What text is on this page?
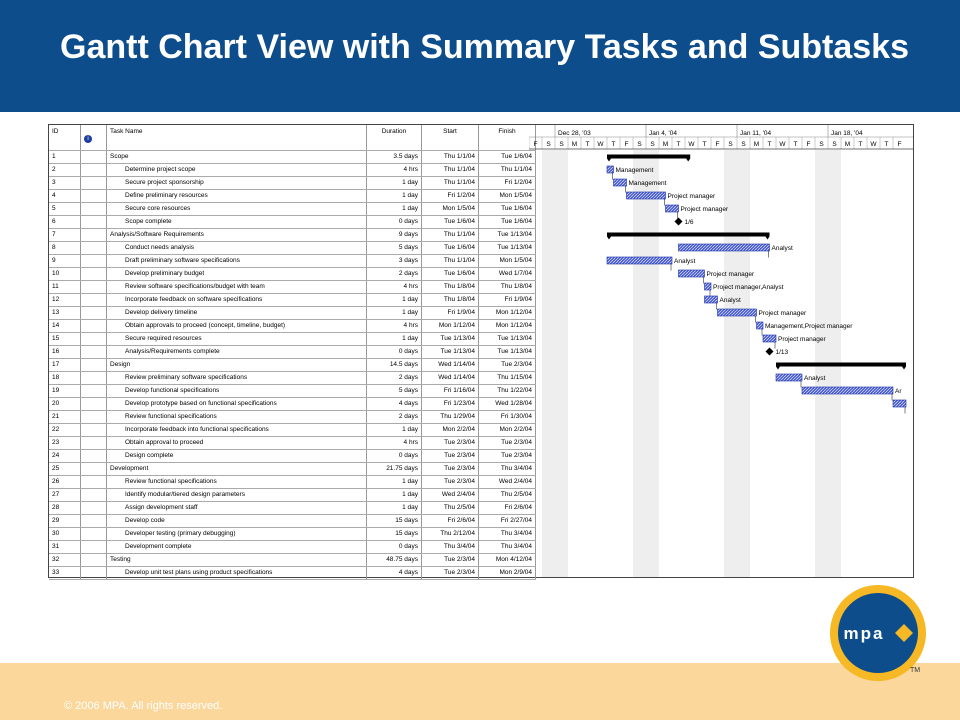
Gantt Chart View with Summary Tasks and Subtasks
ID	i	Task Name	Duration	Start	Finish
1		Scope	3.5 days	Thu 1/1/04	Tue 1/6/04
2		Determine project scope	4 hrs	Thu 1/1/04	Thu 1/1/04
3		Secure project sponsorship	1 day	Thu 1/1/04	Fri 1/2/04
4		Define preliminary resources	1 day	Fri 1/2/04	Mon 1/5/04
5		Secure core resources	1 day	Mon 1/5/04	Tue 1/6/04
6		Scope complete	0 days	Tue 1/6/04	Tue 1/6/04
7		Analysis/Software Requirements	9 days	Thu 1/1/04	Tue 1/13/04
8		Conduct needs analysis	5 days	Tue 1/6/04	Tue 1/13/04
9		Draft preliminary software specifications	3 days	Thu 1/1/04	Mon 1/5/04
10		Develop preliminary budget	2 days	Tue 1/6/04	Wed 1/7/04
11		Review software specifications/budget with team	4 hrs	Thu 1/8/04	Thu 1/8/04
12		Incorporate feedback on software specifications	1 day	Thu 1/8/04	Fri 1/9/04
13		Develop delivery timeline	1 day	Fri 1/9/04	Mon 1/12/04
14		Obtain approvals to proceed (concept, timeline, budget)	4 hrs	Mon 1/12/04	Mon 1/12/04
15		Secure required resources	1 day	Tue 1/13/04	Tue 1/13/04
16		Analysis/Requirements complete	0 days	Tue 1/13/04	Tue 1/13/04
17		Design	14.5 days	Wed 1/14/04	Tue 2/3/04
18		Review preliminary software specifications	2 days	Wed 1/14/04	Thu 1/15/04
19		Develop functional specifications	5 days	Fri 1/16/04	Thu 1/22/04
20		Develop prototype based on functional specifications	4 days	Fri 1/23/04	Wed 1/28/04
21		Review functional specifications	2 days	Thu 1/29/04	Fri 1/30/04
22		Incorporate feedback into functional specifications	1 day	Mon 2/2/04	Mon 2/2/04
23		Obtain approval to proceed	4 hrs	Tue 2/3/04	Tue 2/3/04
24		Design complete	0 days	Tue 2/3/04	Tue 2/3/04
25		Development	21.75 days	Tue 2/3/04	Thu 3/4/04
26		Review functional specifications	1 day	Tue 2/3/04	Wed 2/4/04
27		Identify modular/tiered design parameters	1 day	Wed 2/4/04	Thu 2/5/04
28		Assign development staff	1 day	Thu 2/5/04	Fri 2/6/04
29		Develop code	15 days	Fri 2/6/04	Fri 2/27/04
30		Developer testing (primary debugging)	15 days	Thu 2/12/04	Thu 3/4/04
31		Development complete	0 days	Thu 3/4/04	Thu 3/4/04
32		Testing	48.75 days	Tue 2/3/04	Mon 4/12/04
33		Develop unit test plans using product specifications	4 days	Tue 2/3/04	Mon 2/9/04
Dec 28, '03	Jan 4, '04	Jan 11, '04	Jan 18, '04
F S S M T W T F S S M T W T F S S M T W T F S S M T W T F
Management
Management
Project manager
Project manager
1/6
Analyst
Analyst
Project manager
Project manager,Analyst
Analyst
Project manager
Management,Project manager
Project manager
1/13
Analyst
Ar
© 2006 MPA. All rights reserved.
mpa
TM
